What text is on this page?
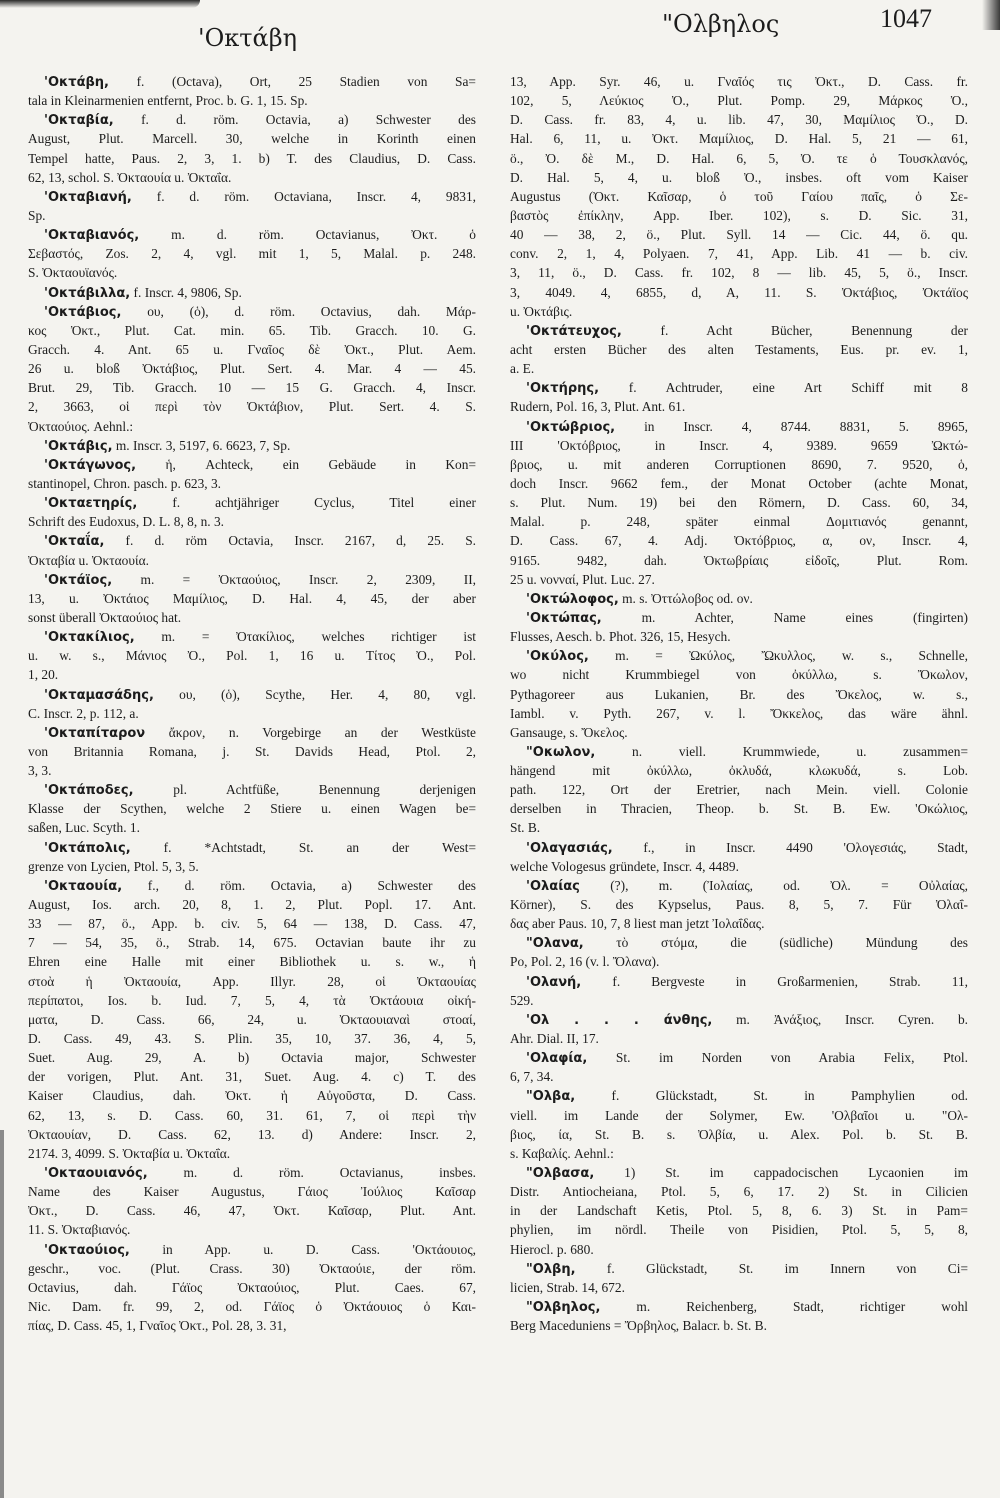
'Οκτάβη	"Ολβηλος	1047
'Οκτάβη, f. (Octava), Ort, 25 Stadien von Sa=
tala in Kleinarmenien entfernt, Proc. b. G. 1, 15. Sp.
'Οκταβία, f. d. röm. Octavia, a) Schwester des
August, Plut. Marcell. 30, welche in Korinth einen
Tempel hatte, Paus. 2, 3, 1. b) T. des Claudius, D. Cass.
62, 13, schol. S. Ὀκταουία u. Ὀκταΐα.
'Οκταβιανή, f. d. röm. Octaviana, Inscr. 4, 9831,
Sp.
'Οκταβιανός, m. d. röm. Octavianus, Ὀκτ. ὁ
Σεβαστός, Zos. 2, 4, vgl. mit 1, 5, Malal. p. 248.
S. Ὀκταουϊανός.
'Οκτάβιλλα, f. Inscr. 4, 9806, Sp.
'Οκτάβιος, ου, (ὁ), d. röm. Octavius, dah. Μάρ-
κος Ὀκτ., Plut. Cat. min. 65. Tib. Gracch. 10. G.
Gracch. 4. Ant. 65 u. Γναῖος δὲ Ὀκτ., Plut. Aem.
26 u. bloß Ὀκτάβιος, Plut. Sert. 4. Mar. 4 — 45.
Brut. 29, Tib. Gracch. 10 — 15 G. Gracch. 4, Inscr.
2, 3663, οἱ περὶ τὸν Ὀκτάβιον, Plut. Sert. 4. S.
Ὀκταούιος. Aehnl.:
'Οκτάβις, m. Inscr. 3, 5197, 6. 6623, 7, Sp.
'Οκτάγωνος, ἡ, Achteck, ein Gebäude in Kon=
stantinopel, Chron. pasch. p. 623, 3.
'Οκταετηρίς, f. achtjähriger Cyclus, Titel einer
Schrift des Eudoxus, D. L. 8, 8, n. 3.
'Οκταΐα, f. d. röm Octavia, Inscr. 2167, d, 25. S.
Ὀκταβία u. Ὀκταουία.
'Οκτάϊος, m. = Ὀκταούιος, Inscr. 2, 2309, II,
13, u. Ὀκτάιος Μαμίλιος, D. Hal. 4, 45, der aber
sonst überall Ὀκταούιος hat.
'Οκτακίλιος, m. = Ὀτακίλιος, welches richtiger ist
u. w. s., Μάνιος Ὀ., Pol. 1, 16 u. Τίτος Ὀ., Pol.
1, 20.
'Οκταμασάδης, ου, (ὁ), Scythe, Her. 4, 80, vgl.
C. Inscr. 2, p. 112, a.
'Οκταπίταρον ἄκρον, n. Vorgebirge an der Westküste
von Britannia Romana, j. St. Davids Head, Ptol. 2,
3, 3.
'Οκτάποδες, pl. Achtfüße, Benennung derjenigen
Klasse der Scythen, welche 2 Stiere u. einen Wagen be=
saßen, Luc. Scyth. 1.
'Οκτάπολις, f. *Achtstadt, St. an der West=
grenze von Lycien, Ptol. 5, 3, 5.
'Οκταουία, f., d. röm. Octavia, a) Schwester des
August, Ios. arch. 20, 8, 1. 2, Plut. Popl. 17. Ant.
33 — 87, ö., App. b. civ. 5, 64 — 138, D. Cass. 47,
7 — 54, 35, ö., Strab. 14, 675. Octavian baute ihr zu
Ehren eine Halle mit einer Bibliothek u. s. w., ἡ
στοὰ ἡ Ὀκταουία, App. Illyr. 28, οἱ Ὀκταουίας
περίπατοι, Ios. b. Iud. 7, 5, 4, τὰ Ὀκτάουια οἰκή-
ματα, D. Cass. 66, 24, u. Ὀκταουιαναὶ στοαί,
D. Cass. 49, 43. S. Plin. 35, 10, 37. 36, 4, 5,
Suet. Aug. 29, A. b) Octavia major, Schwester
der vorigen, Plut. Ant. 31, Suet. Aug. 4. c) T. des
Kaiser Claudius, dah. Ὀκτ. ἡ Αὐγοῦστα, D. Cass.
62, 13, s. D. Cass. 60, 31. 61, 7, οἱ περὶ τὴν
Ὀκταουίαν, D. Cass. 62, 13. d) Andere: Inscr. 2,
2174. 3, 4099. S. Ὀκταβία u. Ὀκταΐα.
'Οκταουιανός, m. d. röm. Octavianus, insbes.
Name des Kaiser Augustus, Γάιος Ἰούλιος Καῖσαρ
Ὀκτ., D. Cass. 46, 47, Ὀκτ. Καῖσαρ, Plut. Ant.
11. S. Ὀκταβιανός.
'Οκταούιος, in App. u. D. Cass. 'Οκτάουιος,
geschr., voc. (Plut. Crass. 30) Ὀκταούιε, der röm.
Octavius, dah. Γάϊος Ὀκταούιος, Plut. Caes. 67,
Nic. Dam. fr. 99, 2, od. Γάϊος ὁ Ὀκτάουιος ὁ Και-
πίας, D. Cass. 45, 1, Γναῖος Ὀκτ., Pol. 28, 3. 31,
13, App. Syr. 46, u. Γναῖός τις Ὀκτ., D. Cass. fr.
102, 5, Λεύκιος Ὀ., Plut. Pomp. 29, Μάρκος Ὀ.,
D. Cass. fr. 83, 4, u. lib. 47, 30, Μαμίλιος Ὀ., D.
Hal. 6, 11, u. Ὀκτ. Μαμίλιος, D. Hal. 5, 21 — 61,
ö., Ὀ. δὲ Μ., D. Hal. 6, 5, Ὀ. τε ὁ Τουσκλανός,
D. Hal. 5, 4, u. bloß Ὀ., insbes. oft vom Kaiser
Augustus (Ὀκτ. Καῖσαρ, ὁ τοῦ Γαίου παῖς, ὁ Σε-
βαστὸς ἐπίκλην, App. Iber. 102), s. D. Sic. 31,
40 — 38, 2, ö., Plut. Syll. 14 — Cic. 44, ö. qu.
conv. 2, 1, 4, Polyaen. 7, 41, App. Lib. 41 — b. civ.
3, 11, ö., D. Cass. fr. 102, 8 — lib. 45, 5, ö., Inscr.
3, 4049. 4, 6855, d, A, 11. S. Ὀκτάβιος, Ὀκτάϊος
u. Ὀκτάβις.
'Οκτάτευχος, f. Acht Bücher, Benennung der
acht ersten Bücher des alten Testaments, Eus. pr. ev. 1,
a. E.
'Οκτήρης, f. Achtruder, eine Art Schiff mit 8
Rudern, Pol. 16, 3, Plut. Ant. 61.
'Οκτώβριος, in Inscr. 4, 8744. 8831, 5. 8965,
III 'Οκτόβριος, in Inscr. 4, 9389. 9659 Ὠκτώ-
βριος, u. mit anderen Corruptionen 8690, 7. 9520, ὁ,
doch Inscr. 9662 fem., der Monat October (achte Monat,
s. Plut. Num. 19) bei den Römern, D. Cass. 60, 34,
Malal. p. 248, später einmal Δομιτιανός genannt,
D. Cass. 67, 4. Adj. Ὀκτόβριος, α, ον, Inscr. 4,
9165. 9482, dah. Ὀκτωβρίαις εἰδοῖς, Plut. Rom.
25 u. νονναί, Plut. Luc. 27.
'Οκτώλοφος, m. s. Ὀττώλοβος od. ον.
'Οκτώπας, m. Achter, Name eines (fingirten)
Flusses, Aesch. b. Phot. 326, 15, Hesych.
'Οκύλος, m. = Ὠκύλος, Ὤκυλλος, w. s., Schnelle,
wo nicht Krummbiegel von ὀκύλλω, s. Ὄκωλον,
Pythagoreer aus Lukanien, Br. des Ὄκελος, w. s.,
Iambl. v. Pyth. 267, v. l. Ὄκκελος, das wäre ähnl.
Gansauge, s. Ὄκελος.
"Οκωλον, n. viell. Krummwiede, u. zusammen=
hängend mit ὀκύλλω, ὀκλυδά, κλωκυδά, s. Lob.
path. 122, Ort der Eretrier, nach Mein. viell. Colonie
derselben in Thracien, Theop. b. St. B. Ew. 'Οκώλιος,
St. B.
'Ολαγασιάς, f., in Inscr. 4490 'Ολογεσιάς, Stadt,
welche Vologesus gründete, Inscr. 4, 4489.
'Ολαίας (?), m. (Ἰολαίας, od. Ὀλ. = Οὐλαίας,
Körner), S. des Kypselus, Paus. 8, 5, 7. Für Ὀλαΐ-
δας aber Paus. 10, 7, 8 liest man jetzt Ἰολαΐδας.
"Ολανα, τὸ στόμα, die (südliche) Mündung des
Po, Pol. 2, 16 (v. l. Ὄλανα).
'Ολανή, f. Bergveste in Großarmenien, Strab. 11,
529.
'Ολ . . . άνθης, m. Ἀνάξιος, Inscr. Cyren. b.
Ahr. Dial. II, 17.
'Ολαφία, St. im Norden von Arabia Felix, Ptol.
6, 7, 34.
"Ολβα, f. Glückstadt, St. in Pamphylien od.
viell. im Lande der Solymer, Ew. 'Ολβαῖοι u. "Ολ-
βιος, ία, St. B. s. Ὀλβία, u. Alex. Pol. b. St. B.
s. Καβαλίς. Aehnl.:
"Ολβασα, 1) St. im cappadocischen Lycaonien im
Distr. Antiocheiana, Ptol. 5, 6, 17. 2) St. in Cilicien
in der Landschaft Ketis, Ptol. 5, 8, 6. 3) St. in Pam=
phylien, im nördl. Theile von Pisidien, Ptol. 5, 5, 8,
Hierocl. p. 680.
"Ολβη, f. Glückstadt, St. im Innern von Ci=
licien, Strab. 14, 672.
"Ολβηλος, m. Reichenberg, Stadt, richtiger wohl
Berg Maceduniens = Ὄρβηλος, Balacr. b. St. B.
